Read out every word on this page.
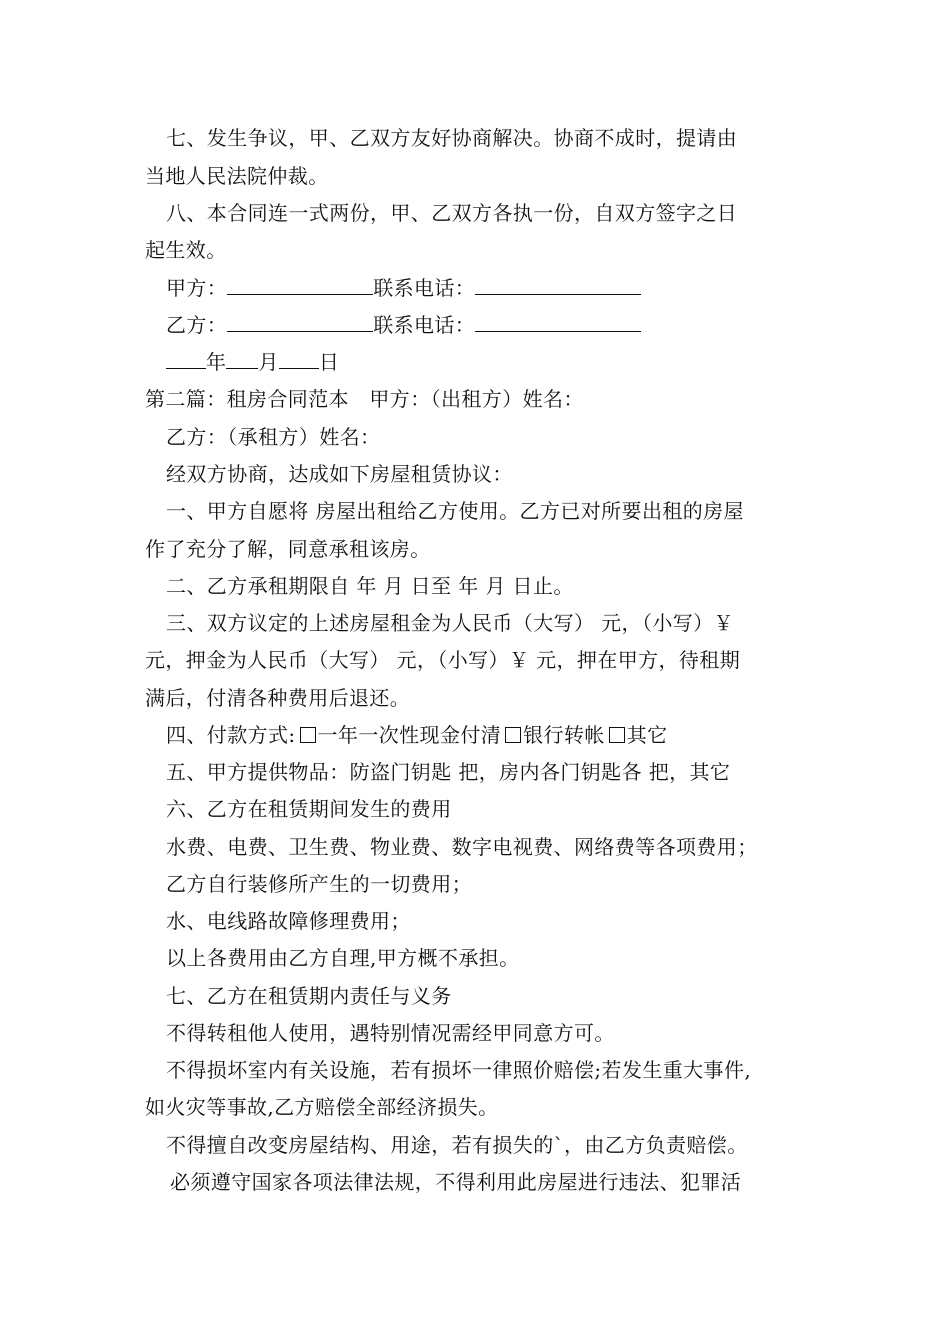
七、发生争议，甲、乙双方友好协商解决。协商不成时，提请由
当地人民法院仲裁。
八、本合同连一式两份，甲、乙双方各执一份，自双方签字之日
起生效。
甲方：	联系电话：
乙方：	联系电话：
年 月 日
第二篇：租房合同范本　甲方：（出租方）姓名：
乙方：（承租方）姓名：
经双方协商，达成如下房屋租赁协议：
一、甲方自愿将 房屋出租给乙方使用。乙方已对所要出租的房屋
作了充分了解，同意承租该房。
二、乙方承租期限自 年 月 日至 年 月 日止。
三、双方议定的上述房屋租金为人民币（大写） 元，（小写）￥
元，押金为人民币（大写） 元，（小写）￥ 元，押在甲方，待租期
满后，付清各种费用后退还。
四、付款方式: 一年一次性现金付清 银行转帐 其它
五、甲方提供物品：防盗门钥匙 把，房内各门钥匙各 把，其它
六、乙方在租赁期间发生的费用
水费、电费、卫生费、物业费、数字电视费、网络费等各项费用；
乙方自行装修所产生的一切费用；
水、电线路故障修理费用；
以上各费用由乙方自理,甲方概不承担。
七、乙方在租赁期内责任与义务
不得转租他人使用，遇特别情况需经甲同意方可。
不得损坏室内有关设施，若有损坏一律照价赔偿;若发生重大事件,
如火灾等事故,乙方赔偿全部经济损失。
不得擅自改变房屋结构、用途，若有损失的`，由乙方负责赔偿。
必须遵守国家各项法律法规，不得利用此房屋进行违法、犯罪活
